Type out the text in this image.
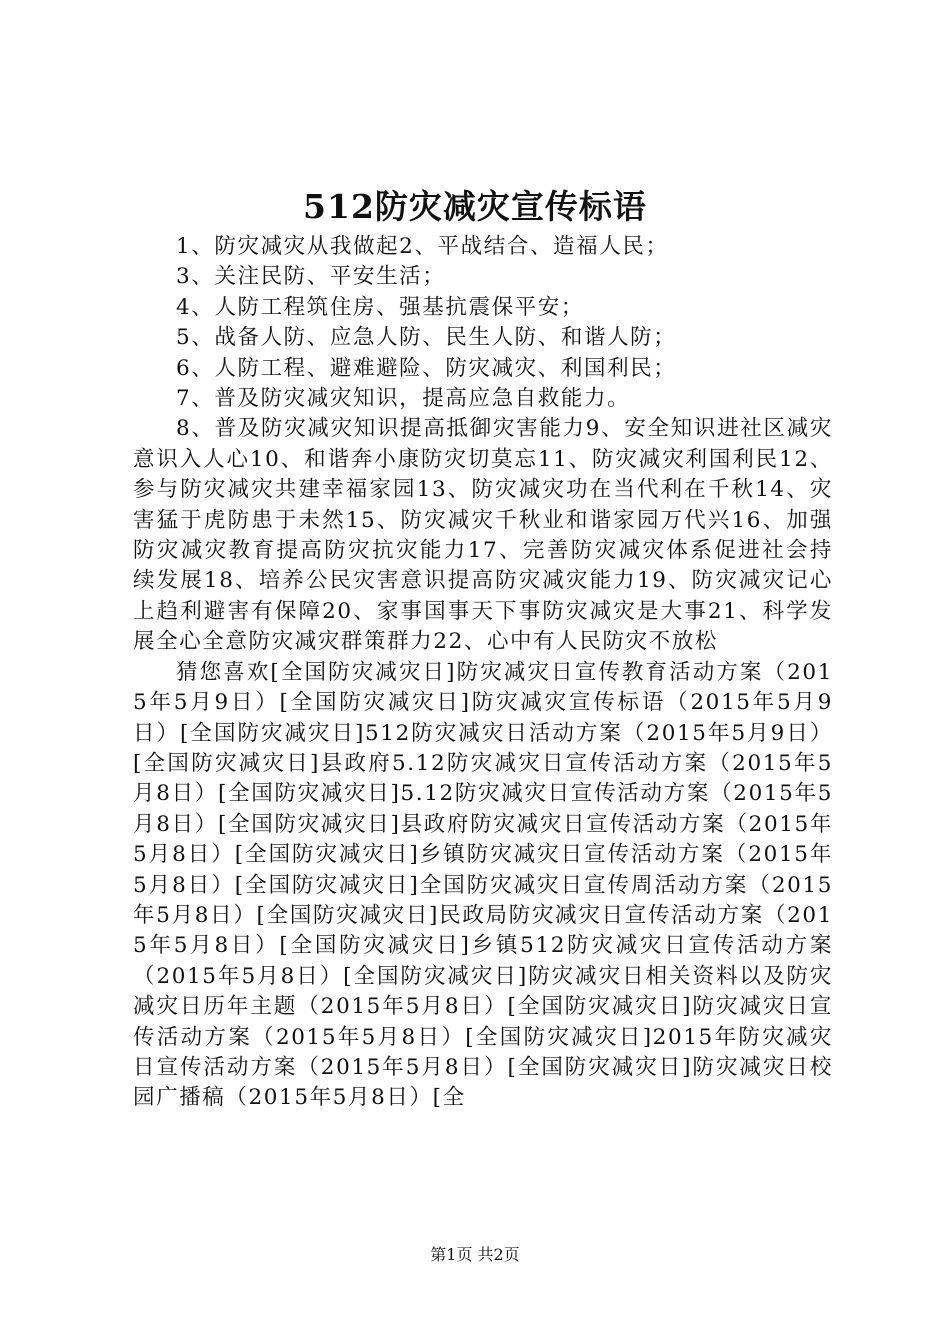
512防灾减灾宣传标语

1、防灾减灾从我做起2、平战结合、造福人民；

3、关注民防、平安生活；

4、人防工程筑住房、强基抗震保平安；

5、战备人防、应急人防、民生人防、和谐人防；

6、人防工程、避难避险、防灾减灾、利国利民；

7、普及防灾减灾知识，提高应急自救能力。

8、普及防灾减灾知识提高抵御灾害能力9、安全知识进社区减灾意识入人心10、和谐奔小康防灾切莫忘11、防灾减灾利国利民12、参与防灾减灾共建幸福家园13、防灾减灾功在当代利在千秋14、灾害猛于虎防患于未然15、防灾减灾千秋业和谐家园万代兴16、加强防灾减灾教育提高防灾抗灾能力17、完善防灾减灾体系促进社会持续发展18、培养公民灾害意识提高防灾减灾能力19、防灾减灾记心上趋利避害有保障20、家事国事天下事防灾减灾是大事21、科学发展全心全意防灾减灾群策群力22、心中有人民防灾不放松

猜您喜欢[全国防灾减灾日]防灾减灾日宣传教育活动方案（2015年5月9日）[全国防灾减灾日]防灾减灾宣传标语（2015年5月9日）[全国防灾减灾日]512防灾减灾日活动方案（2015年5月9日）[全国防灾减灾日]县政府5.12防灾减灾日宣传活动方案（2015年5月8日）[全国防灾减灾日]5.12防灾减灾日宣传活动方案（2015年5月8日）[全国防灾减灾日]县政府防灾减灾日宣传活动方案（2015年5月8日）[全国防灾减灾日]乡镇防灾减灾日宣传活动方案（2015年5月8日）[全国防灾减灾日]全国防灾减灾日宣传周活动方案（2015年5月8日）[全国防灾减灾日]民政局防灾减灾日宣传活动方案（2015年5月8日）[全国防灾减灾日]乡镇512防灾减灾日宣传活动方案（2015年5月8日）[全国防灾减灾日]防灾减灾日相关资料以及防灾减灾日历年主题（2015年5月8日）[全国防灾减灾日]防灾减灾日宣传活动方案（2015年5月8日）[全国防灾减灾日]2015年防灾减灾日宣传活动方案（2015年5月8日）[全国防灾减灾日]防灾减灾日校园广播稿（2015年5月8日）[全

第1页 共2页
